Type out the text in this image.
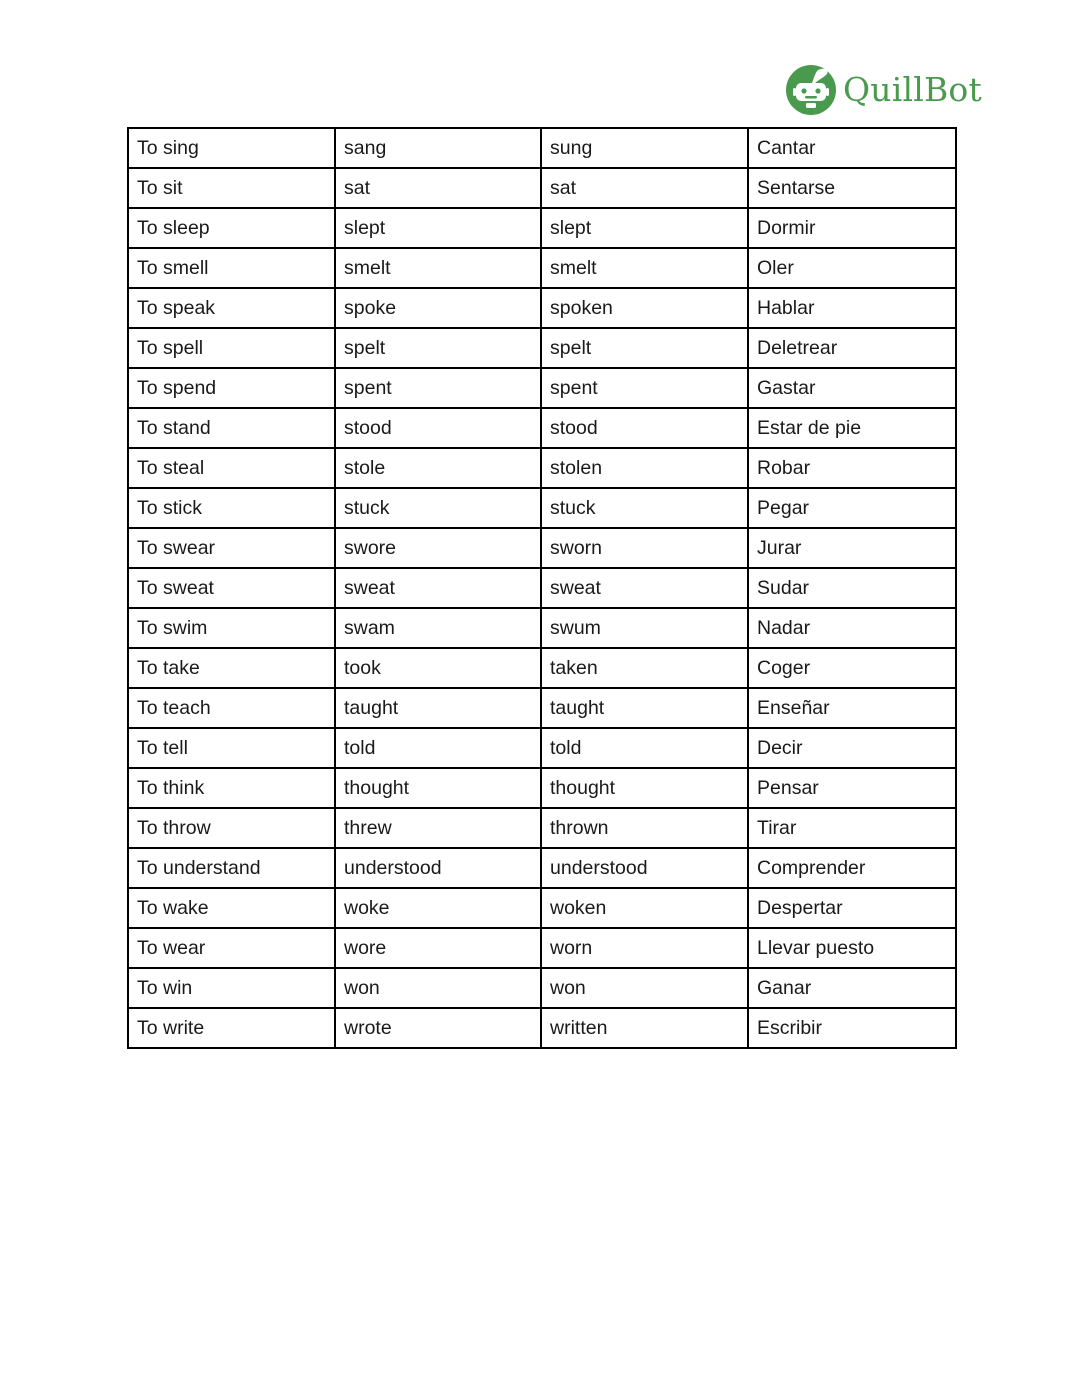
QuillBot
To sing	sang	sung	Cantar
To sit	sat	sat	Sentarse
To sleep	slept	slept	Dormir
To smell	smelt	smelt	Oler
To speak	spoke	spoken	Hablar
To spell	spelt	spelt	Deletrear
To spend	spent	spent	Gastar
To stand	stood	stood	Estar de pie
To steal	stole	stolen	Robar
To stick	stuck	stuck	Pegar
To swear	swore	sworn	Jurar
To sweat	sweat	sweat	Sudar
To swim	swam	swum	Nadar
To take	took	taken	Coger
To teach	taught	taught	Enseñar
To tell	told	told	Decir
To think	thought	thought	Pensar
To throw	threw	thrown	Tirar
To understand	understood	understood	Comprender
To wake	woke	woken	Despertar
To wear	wore	worn	Llevar puesto
To win	won	won	Ganar
To write	wrote	written	Escribir
